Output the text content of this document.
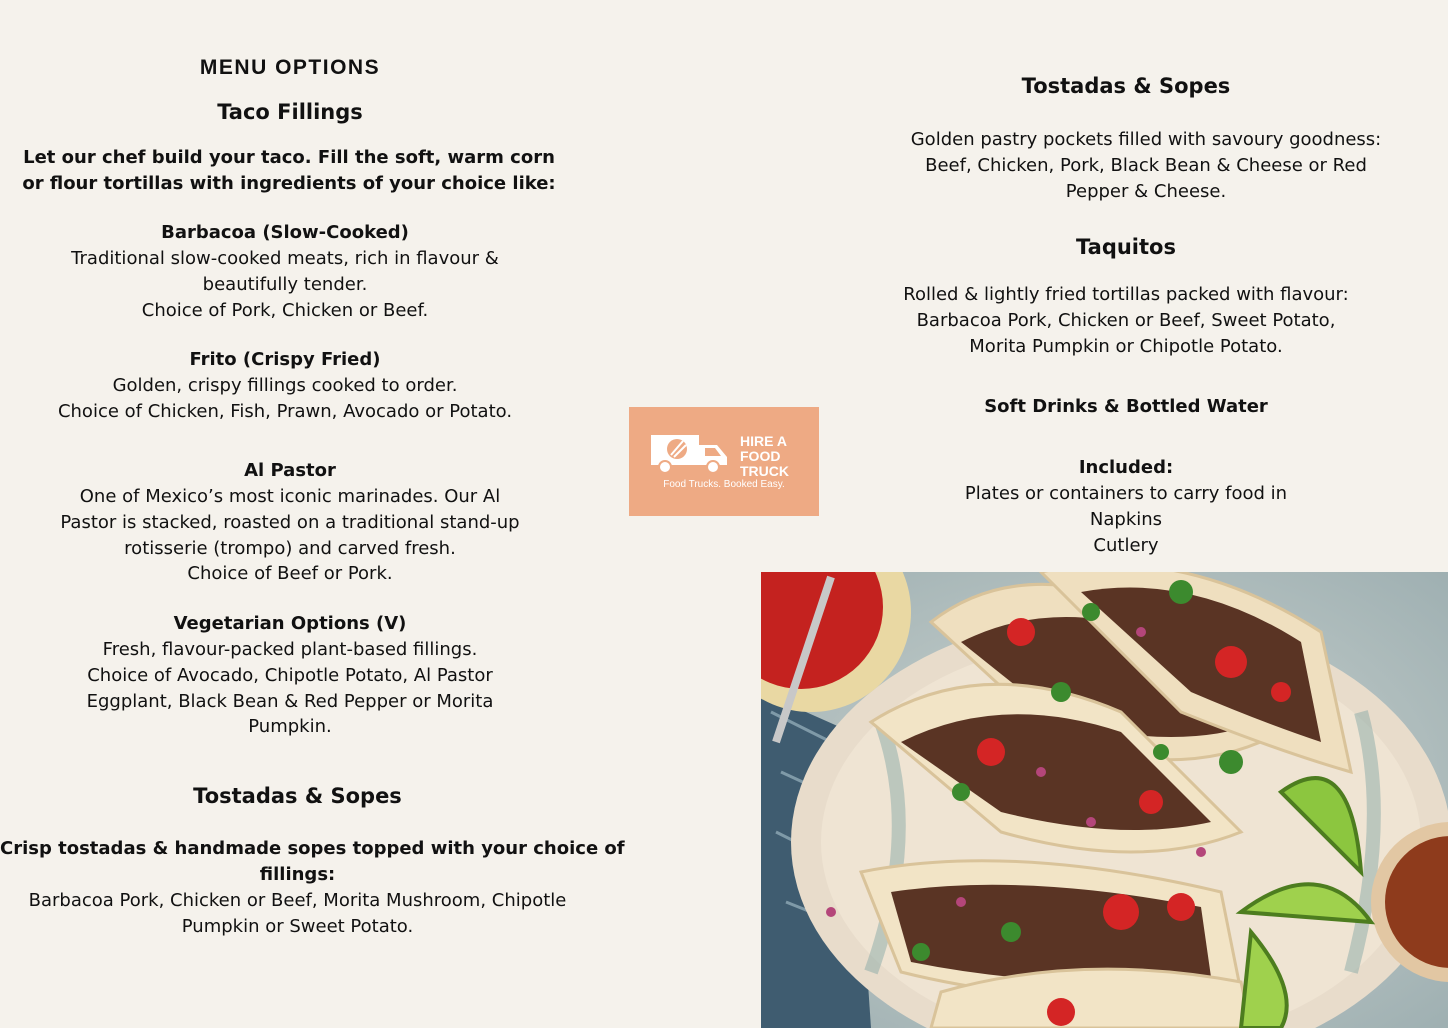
MENU OPTIONS
Taco Fillings
Let our chef build your taco. Fill the soft, warm corn
or flour tortillas with ingredients of your choice like:
Barbacoa (Slow-Cooked)
Traditional slow-cooked meats, rich in flavour &
beautifully tender.
Choice of Pork, Chicken or Beef.
Frito (Crispy Fried)
Golden, crispy fillings cooked to order.
Choice of Chicken, Fish, Prawn, Avocado or Potato.
Al Pastor
One of Mexico’s most iconic marinades. Our Al
Pastor is stacked, roasted on a traditional stand-up
rotisserie (trompo) and carved fresh.
Choice of Beef or Pork.
Vegetarian Options (V)
Fresh, flavour-packed plant-based fillings.
Choice of Avocado, Chipotle Potato, Al Pastor
Eggplant, Black Bean & Red Pepper or Morita
Pumpkin.
Tostadas & Sopes
Crisp tostadas & handmade sopes topped with your choice of
fillings:
Barbacoa Pork, Chicken or Beef, Morita Mushroom, Chipotle
Pumpkin or Sweet Potato.
HIRE A
FOOD
TRUCK
Food Trucks. Booked Easy.
Tostadas & Sopes
Golden pastry pockets filled with savoury goodness:
Beef, Chicken, Pork, Black Bean & Cheese or Red
Pepper & Cheese.
Taquitos
Rolled & lightly fried tortillas packed with flavour:
Barbacoa Pork, Chicken or Beef, Sweet Potato,
Morita Pumpkin or Chipotle Potato.
Soft Drinks & Bottled Water
Included:
Plates or containers to carry food in
Napkins
Cutlery
